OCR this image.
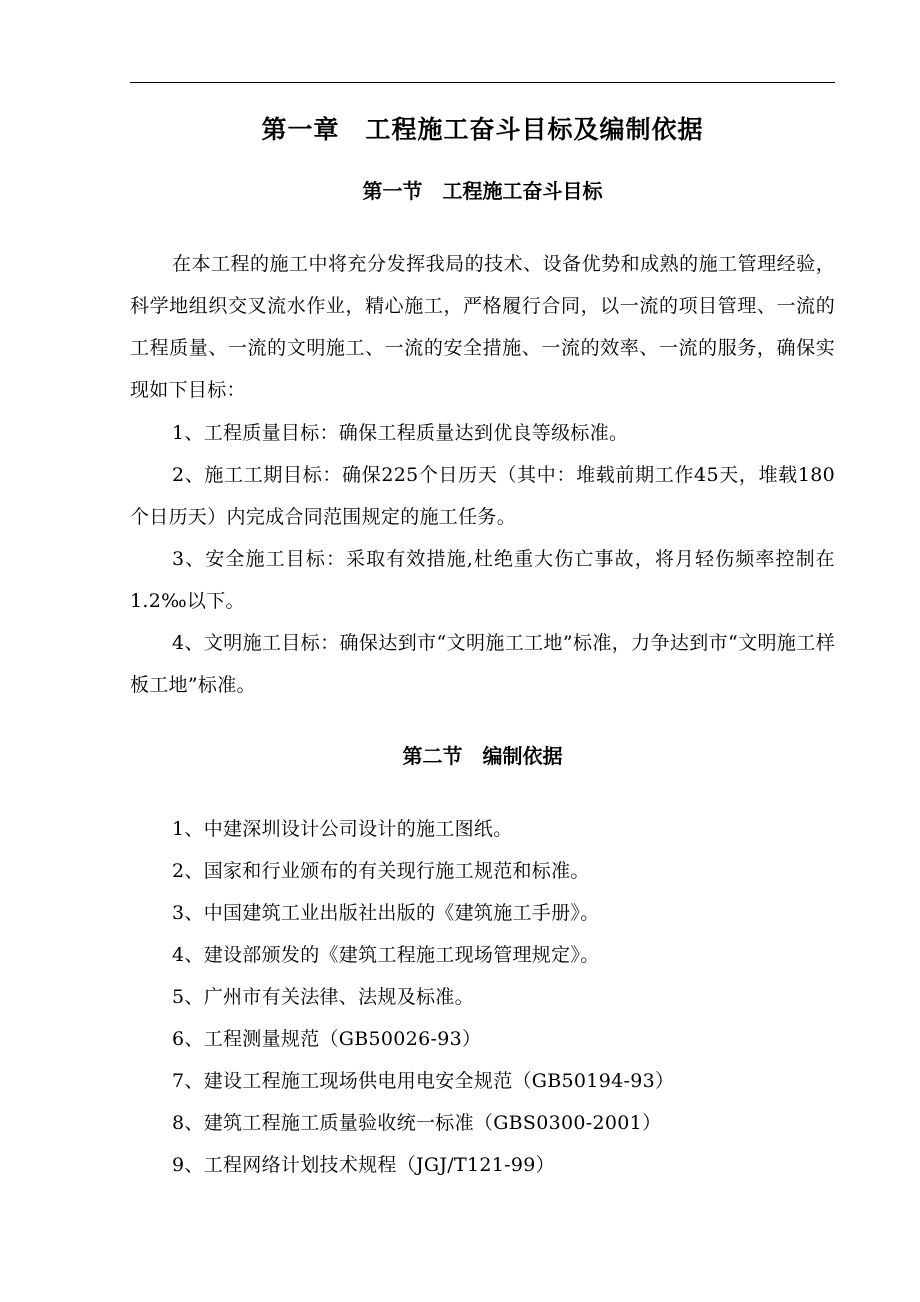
第一章　工程施工奋斗目标及编制依据
第一节　工程施工奋斗目标

在本工程的施工中将充分发挥我局的技术、设备优势和成熟的施工管理经验，科学地组织交叉流水作业，精心施工，严格履行合同，以一流的项目管理、一流的工程质量、一流的文明施工、一流的安全措施、一流的效率、一流的服务，确保实现如下目标：

1、工程质量目标：确保工程质量达到优良等级标准。

2、施工工期目标：确保225个日历天（其中：堆载前期工作45天，堆载180个日历天）内完成合同范围规定的施工任务。

3、安全施工目标：采取有效措施,杜绝重大伤亡事故，将月轻伤频率控制在1.2‰以下。

4、文明施工目标：确保达到市“文明施工工地”标准，力争达到市“文明施工样板工地”标准。

第二节　编制依据
1、中建深圳设计公司设计的施工图纸。
2、国家和行业颁布的有关现行施工规范和标准。
3、中国建筑工业出版社出版的《建筑施工手册》。
4、建设部颁发的《建筑工程施工现场管理规定》。
5、广州市有关法律、法规及标准。
6、工程测量规范（GB50026-93）
7、建设工程施工现场供电用电安全规范（GB50194-93）
8、建筑工程施工质量验收统一标准（GBS0300-2001）
9、工程网络计划技术规程（JGJ/T121-99）
